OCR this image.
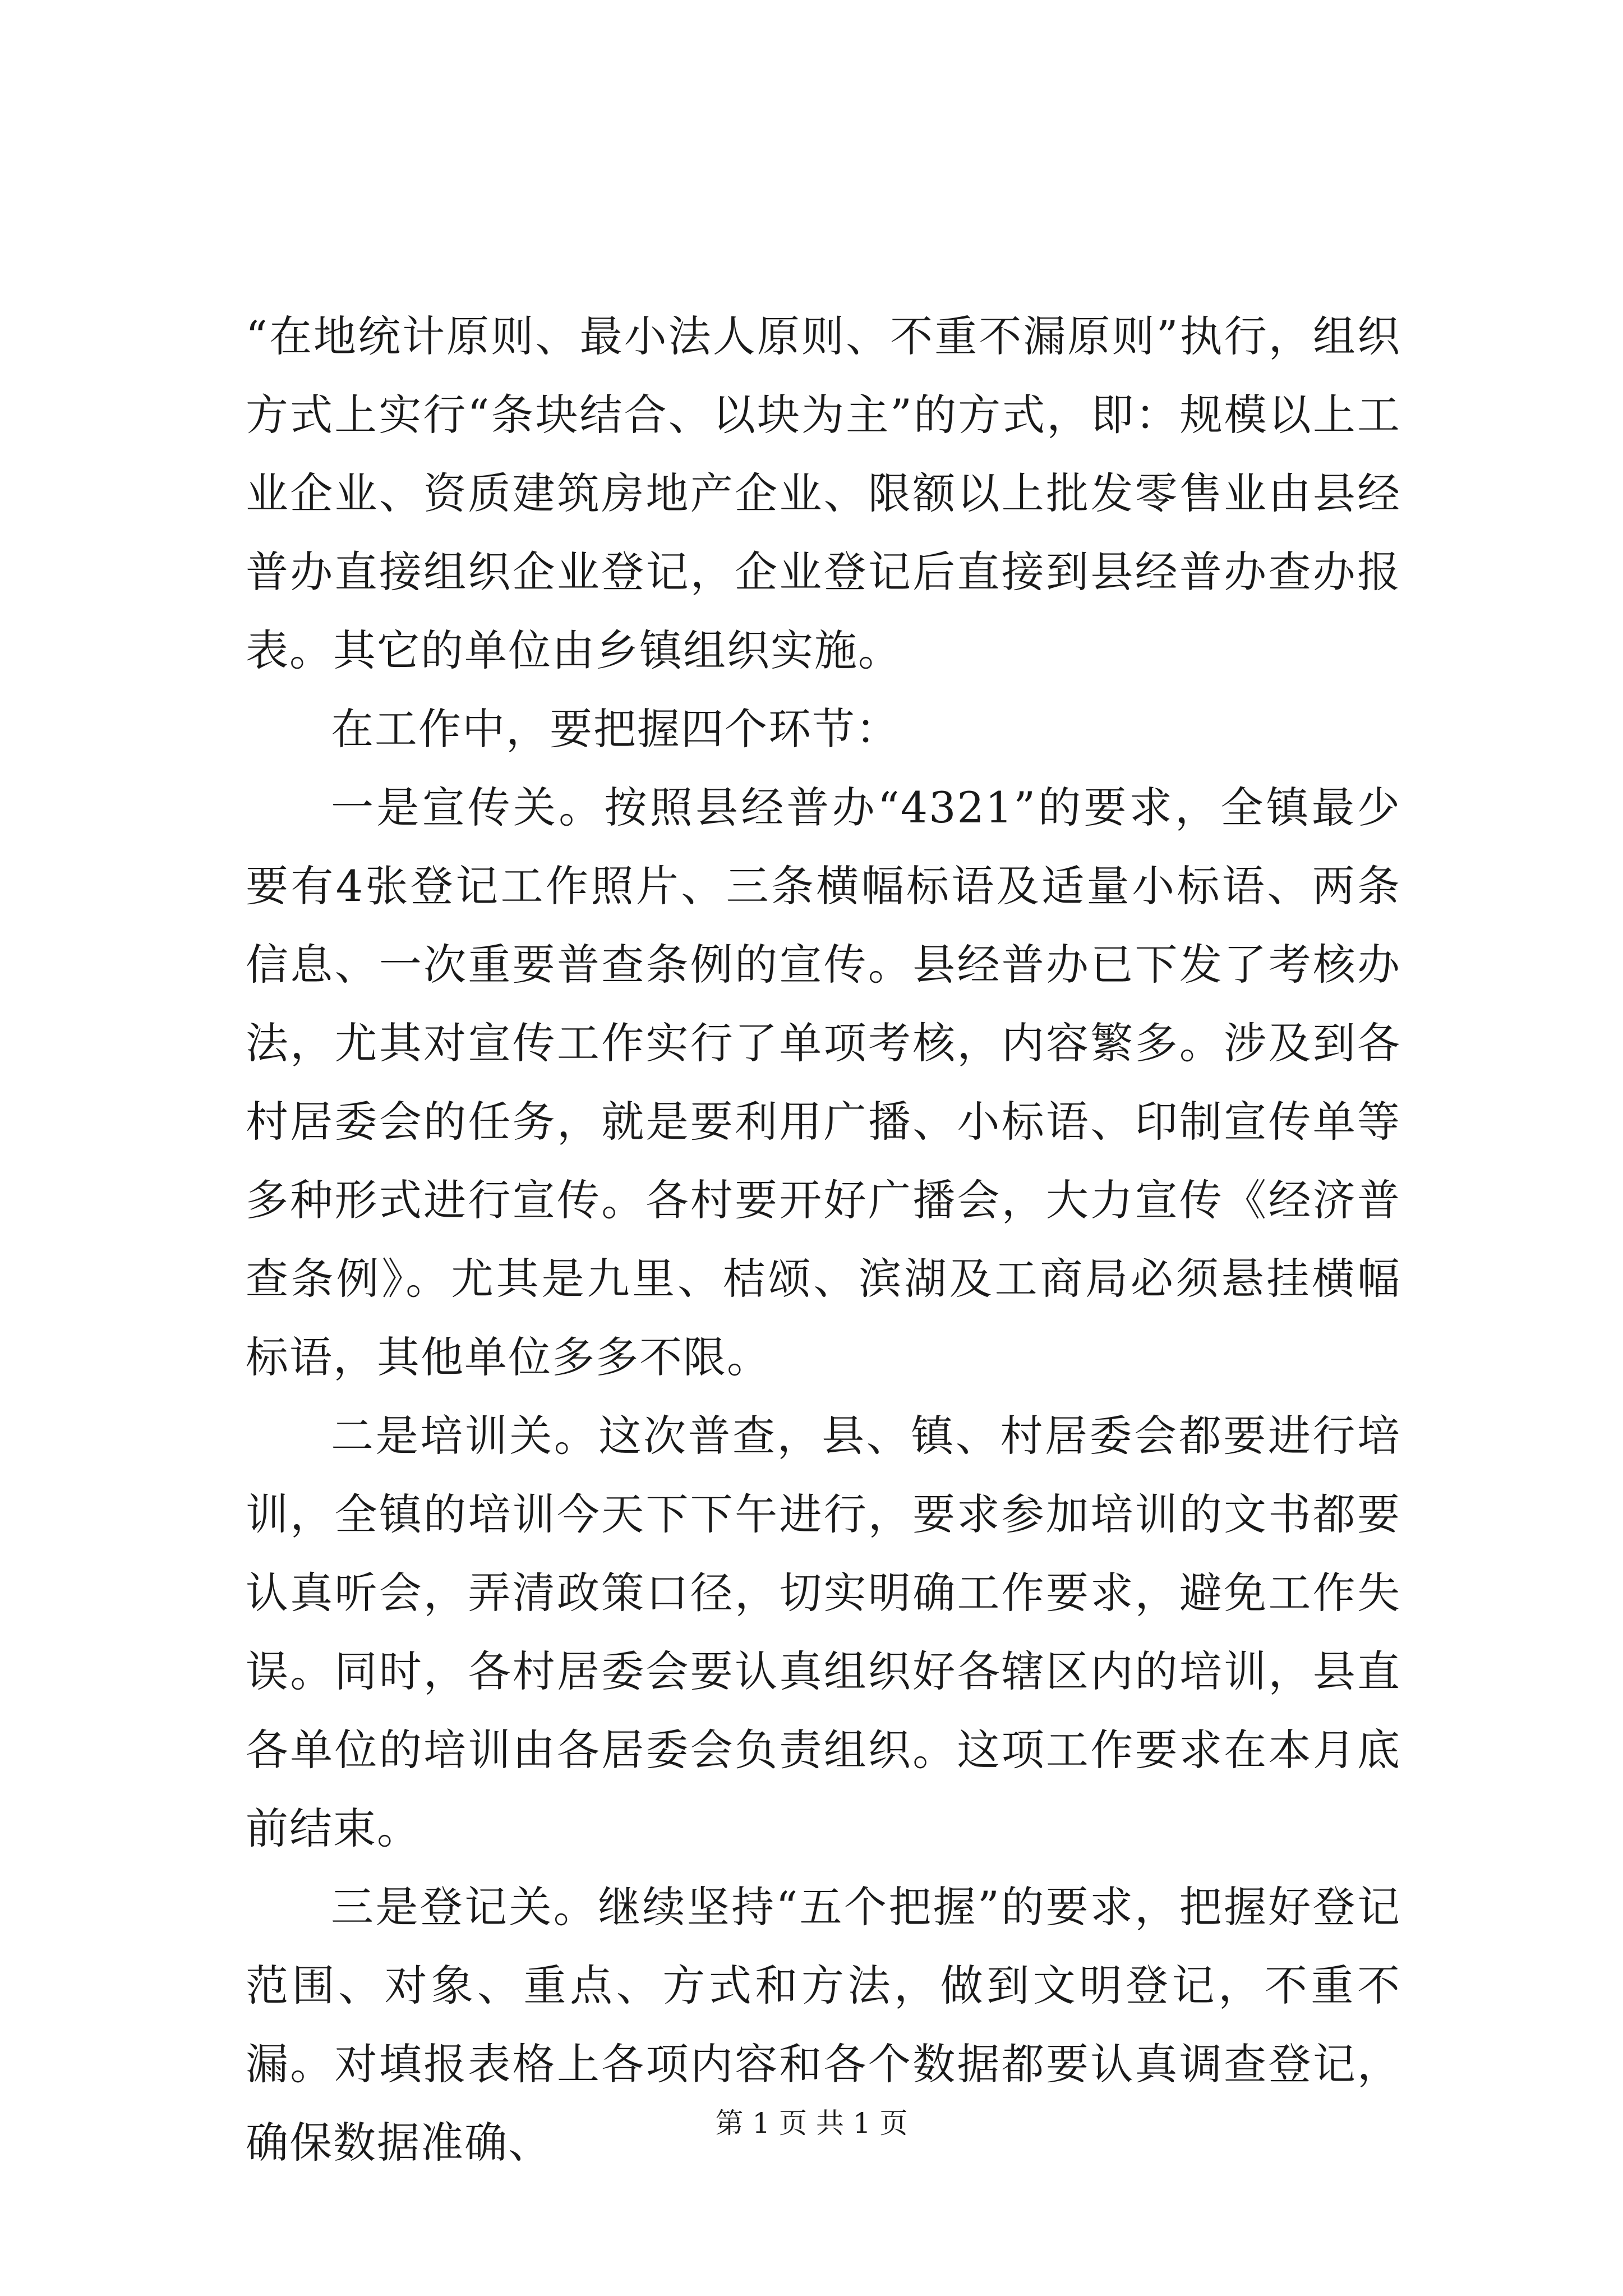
“在地统计原则、最小法人原则、不重不漏原则”执行，组织方式上实行“条块结合、以块为主”的方式，即：规模以上工业企业、资质建筑房地产企业、限额以上批发零售业由县经普办直接组织企业登记，企业登记后直接到县经普办查办报表。其它的单位由乡镇组织实施。

在工作中，要把握四个环节：

一是宣传关。按照县经普办“4321”的要求，全镇最少要有4张登记工作照片、三条横幅标语及适量小标语、两条信息、一次重要普查条例的宣传。县经普办已下发了考核办法，尤其对宣传工作实行了单项考核，内容繁多。涉及到各村居委会的任务，就是要利用广播、小标语、印制宣传单等多种形式进行宣传。各村要开好广播会，大力宣传《经济普查条例》。尤其是九里、桔颂、滨湖及工商局必须悬挂横幅标语，其他单位多多不限。

二是培训关。这次普查，县、镇、村居委会都要进行培训，全镇的培训今天下下午进行，要求参加培训的文书都要认真听会，弄清政策口径，切实明确工作要求，避免工作失误。同时，各村居委会要认真组织好各辖区内的培训，县直各单位的培训由各居委会负责组织。这项工作要求在本月底前结束。

三是登记关。继续坚持“五个把握”的要求，把握好登记范围、对象、重点、方式和方法，做到文明登记，不重不漏。对填报表格上各项内容和各个数据都要认真调查登记，确保数据准确、	第 1 页 共 1 页
